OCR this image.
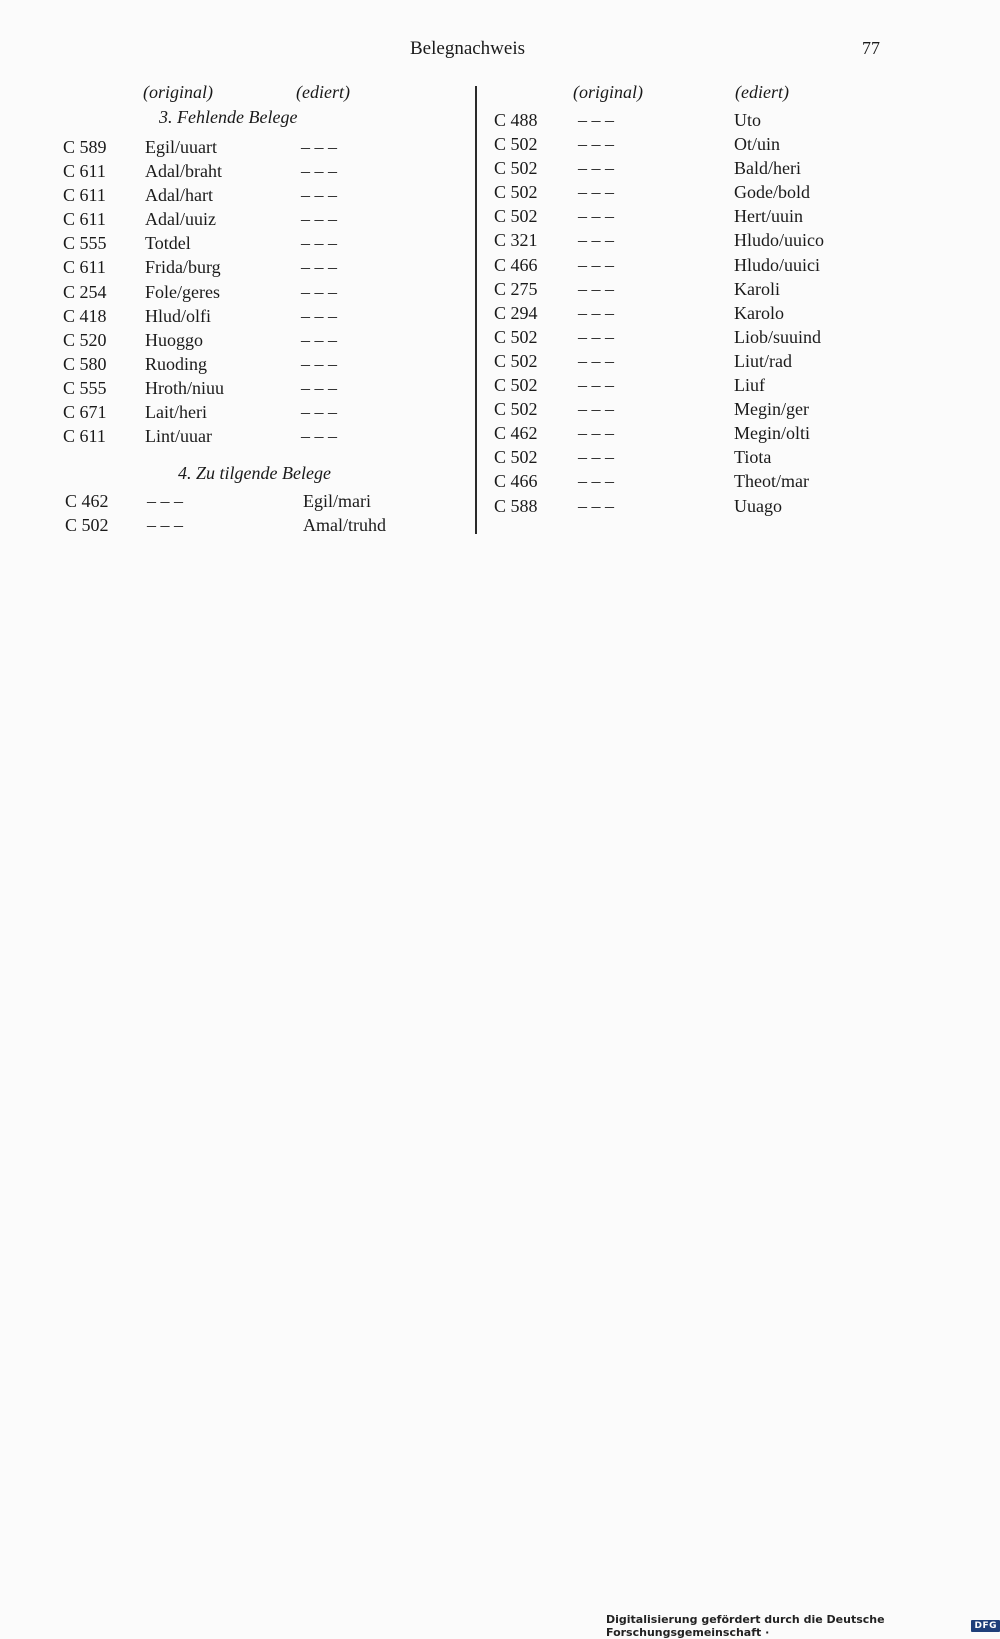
Belegnachweis	77
(original)	(ediert)
3. Fehlende Belege
C 589 Egil/uuart	– – –
C 611 Adal/braht	– – –
C 611 Adal/hart	– – –
C 611 Adal/uuiz	– – –
C 555 Totdel	– – –
C 611 Frida/burg	– – –
C 254 Fole/geres	– – –
C 418 Hlud/olfi	– – –
C 520 Huoggo	– – –
C 580 Ruoding	– – –
C 555 Hroth/niuu	– – –
C 671 Lait/heri	– – –
C 611 Lint/uuar	– – –
4. Zu tilgende Belege
C 462 – – –	Egil/mari
C 502 – – –	Amal/truhd
(original)	(ediert)
C 488 – – –	Uto
C 502 – – –	Ot/uin
C 502 – – –	Bald/heri
C 502 – – –	Gode/bold
C 502 – – –	Hert/uuin
C 321 – – –	Hludo/uuico
C 466 – – –	Hludo/uuici
C 275 – – –	Karoli
C 294 – – –	Karolo
C 502 – – –	Liob/suuind
C 502 – – –	Liut/rad
C 502 – – –	Liuf
C 502 – – –	Megin/ger
C 462 – – –	Megin/olti
C 502 – – –	Tiota
C 466 – – –	Theot/mar
C 588 – – –	Uuago
Digitalisierung gefördert durch die Deutsche Forschungsgemeinschaft ·	DFG
